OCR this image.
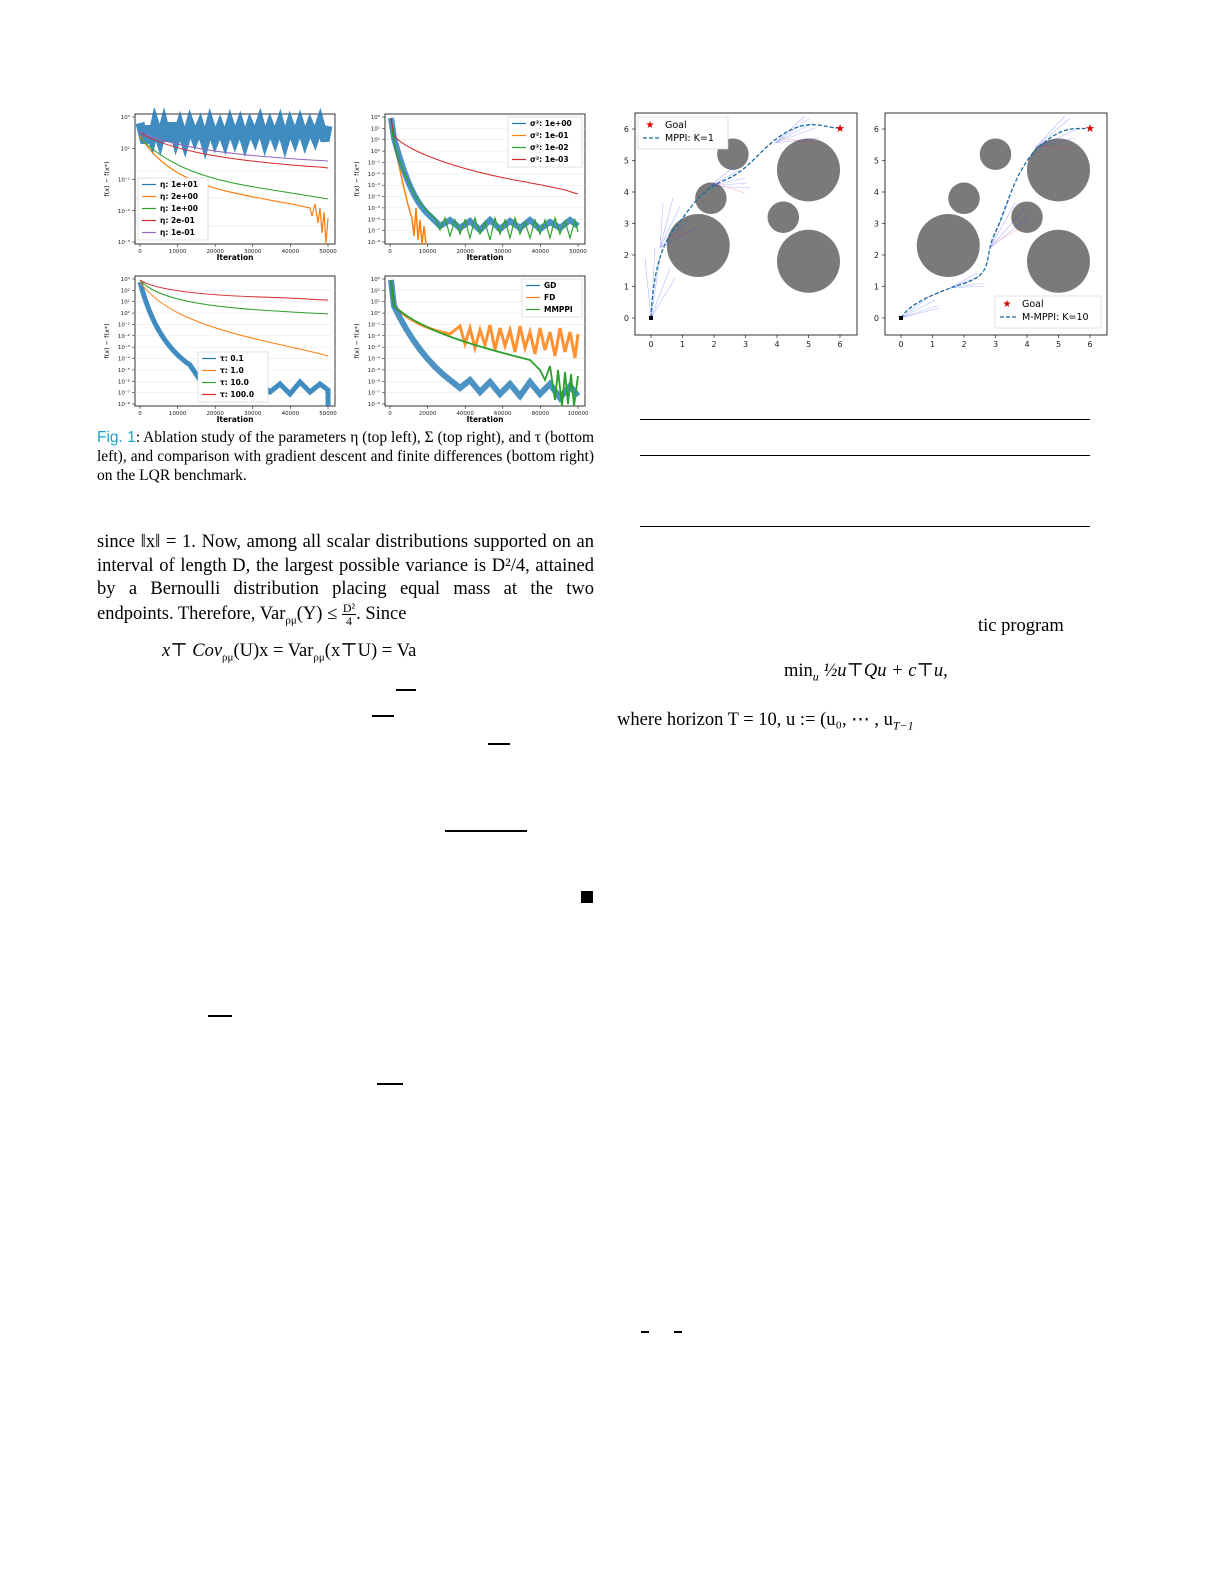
η: 1e+01
η: 2e+00
η: 1e+00
η: 2e-01
η: 1e-01
0	10000	20000	30000	40000	50000
10³
10¹
10⁻¹
10⁻³
10⁻⁵
Iteration
f(x) − f(x*)
σ²: 1e+00
σ²: 1e-01
σ²: 1e-02
σ²: 1e-03
0	10000	20000	30000	40000	50000
10³
10²
10¹
10⁰
10⁻¹
10⁻²
10⁻³
10⁻⁴
10⁻⁵
10⁻⁶
10⁻⁷
10⁻⁸
Iteration
f(x) − f(x*)
τ: 0.1
τ: 1.0
τ: 10.0
τ: 100.0
0	10000	20000	30000	40000	50000
10³
10²
10¹
10⁰
10⁻¹
10⁻²
10⁻³
10⁻⁴
10⁻⁵
10⁻⁶
10⁻⁷
10⁻⁸
Iteration
f(x) − f(x*)
GD
FD
MMPPI
0	20000	40000	60000	80000	100000
10³
10²
10¹
10⁰
10⁻¹
10⁻²
10⁻³
10⁻⁴
10⁻⁵
10⁻⁶
10⁻⁷
10⁻⁸
Iteration
f(x) − f(x*)
★
★ Goal
MPPI: K=1
0
0
1
1
2
2
3
3
4
4
5
5
6
6	★
★ Goal
M-MPPI: K=10
0
0
1
1
2
2
3
3
4
4
5
5
6
6
Fig. 1: Ablation study of the parameters η (top left), Σ (top right), and τ (bottom left), and comparison with gradient descent and finite differences (bottom right) on the LQR benchmark.
since ‖x‖ = 1. Now, among all scalar distributions supported on an interval of length D, the largest possible variance is D²/4, attained by a Bernoulli distribution placing equal mass at the two endpoints. Therefore, $Var_{\rho\mu}(Y) \le \frac{\text{D²}}{4}$ . Since
x⊤ Cov$_{\rho\mu}$(U)x = Var$_{\rho\mu}$(x⊤U) = Va
tic program
$\min_u$ ½u⊤Qu + c⊤u,
where horizon T = 10, u := (u₀, ⋯ , $u_{T-1}$
